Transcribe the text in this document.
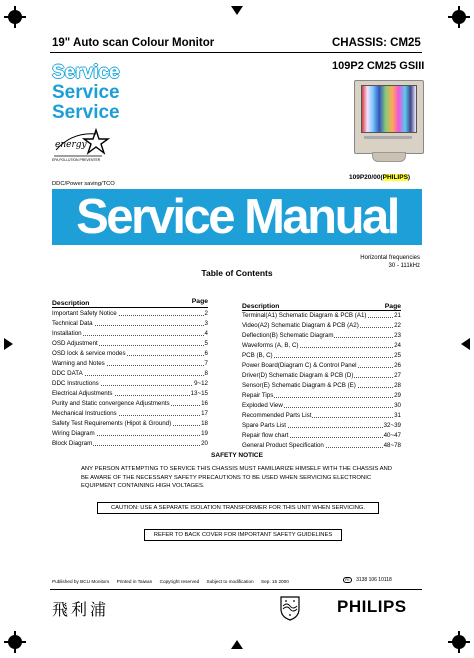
19" Auto scan Colour Monitor	CHASSIS: CM25
109P2 CM25 GSIII
Service
Service
Service
energy
EPA POLLUTION PREVENTER
109P20/00(PHILIPS)
DDC/Power saving/TCO
Service Manual
Horizontal frequencies
30 - 111kHz
Table of Contents
Description	Page
Important Safety Notice	2
Technical Data	3
Installation	4
OSD Adjustment	5
OSD lock & service modes	6
Warning and Notes	7
DDC DATA	8
DDC Instructions	9~12
Electrical Adjustments	13~15
Purity and Static convergence Adjustments	16
Mechanical Instructions	17
Safety Test Requirements (Hipot & Ground)	18
Wiring Diagram	19
Block Diagram	20
Description	Page
Terminal(A1) Schematic Diagram & PCB (A1)	21
Video(A2) Schematic Diagram & PCB (A2)	22
Deflection(B) Schematic Diagram	23
Waveforms (A, B, C)	24
PCB (B, C)	25
Power Board(Diagram C) & Control Panel	26
Driver(D) Schematic Diagram & PCB (D)	27
Sensor(E) Schematic Diagram & PCB (E)	28
Repair Tips	29
Exploded View	30
Recommended Parts List	31
Spare Parts List	32~39
Repair flow chart	40~47
General Product Specification	48~78
SAFETY NOTICE
ANY PERSON ATTEMPTING TO SERVICE THIS CHASSIS MUST FAMILIARIZE HIMSELF WITH THE CHASSIS AND BE AWARE OF THE NECESSARY SAFETY PRECAUTIONS TO BE USED WHEN SERVICING ELECTRONIC EQUIPMENT CONTAINING HIGH VOLTAGES.
CAUTION: USE A SEPARATE ISOLATION TRANSFORMER FOR THIS UNIT WHEN SERVICING.
REFER TO BACK COVER FOR IMPORTANT SAFETY GUIDELINES
Published by BCU Monitors Printed in Taiwan Copyright reserved Subject to modification Sep. 15 2000	PE 3138 106 10118
飛利浦	PHILIPS
